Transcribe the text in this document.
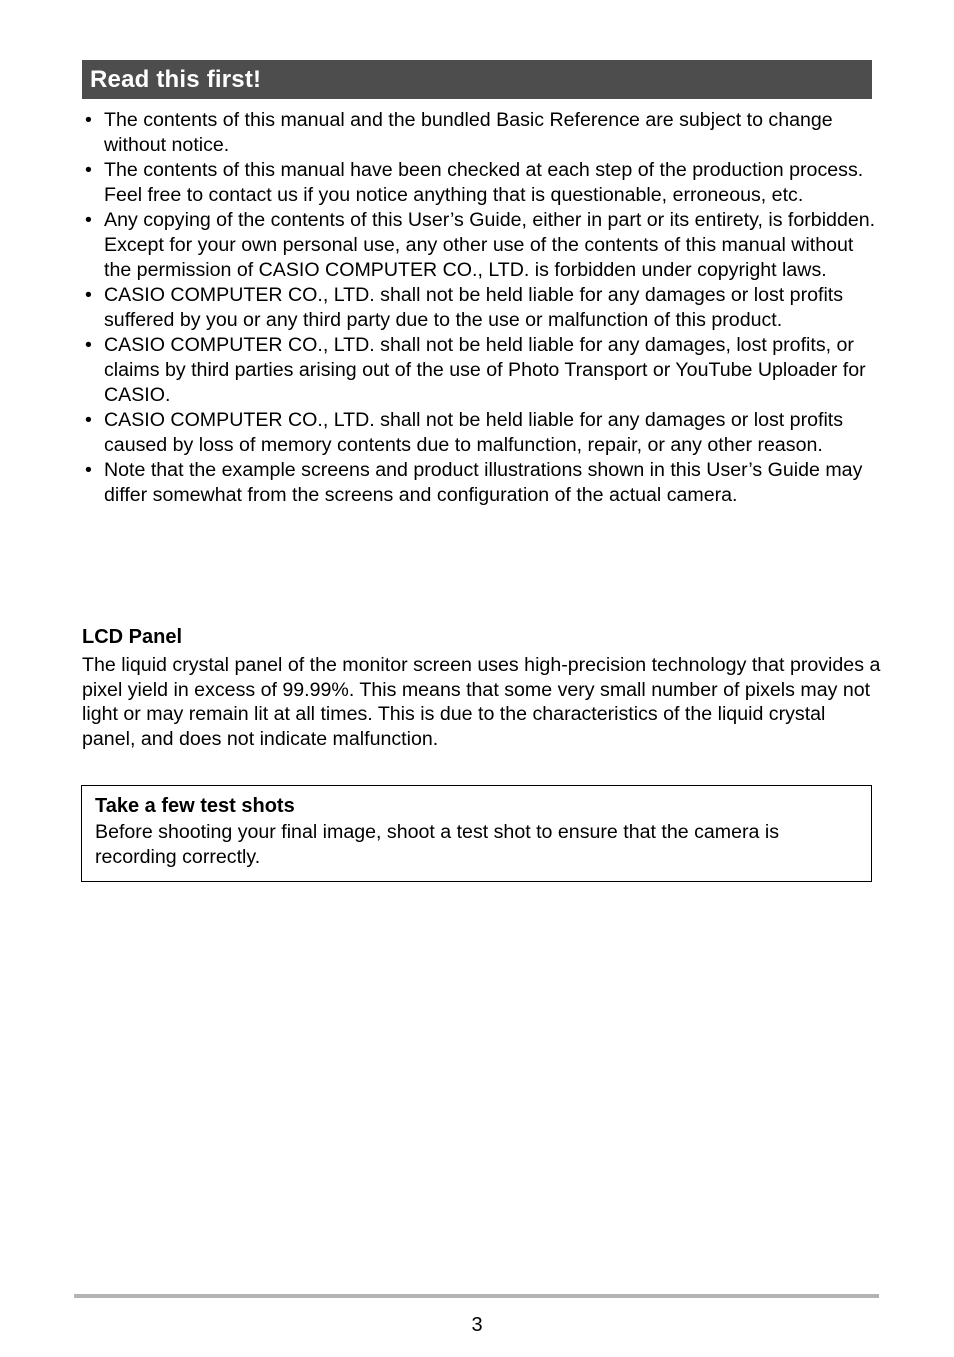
Read this first!
• The contents of this manual and the bundled Basic Reference are subject to change without notice.
• The contents of this manual have been checked at each step of the production process. Feel free to contact us if you notice anything that is questionable, erroneous, etc.
• Any copying of the contents of this User’s Guide, either in part or its entirety, is forbidden. Except for your own personal use, any other use of the contents of this manual without the permission of CASIO COMPUTER CO., LTD. is forbidden under copyright laws.
• CASIO COMPUTER CO., LTD. shall not be held liable for any damages or lost profits suffered by you or any third party due to the use or malfunction of this product.
• CASIO COMPUTER CO., LTD. shall not be held liable for any damages, lost profits, or claims by third parties arising out of the use of Photo Transport or YouTube Uploader for CASIO.
• CASIO COMPUTER CO., LTD. shall not be held liable for any damages or lost profits caused by loss of memory contents due to malfunction, repair, or any other reason.
• Note that the example screens and product illustrations shown in this User’s Guide may differ somewhat from the screens and configuration of the actual camera.
LCD Panel

The liquid crystal panel of the monitor screen uses high-precision technology that provides a pixel yield in excess of 99.99%. This means that some very small number of pixels may not light or may remain lit at all times. This is due to the characteristics of the liquid crystal panel, and does not indicate malfunction.

Take a few test shots

Before shooting your final image, shoot a test shot to ensure that the camera is recording correctly.

3
